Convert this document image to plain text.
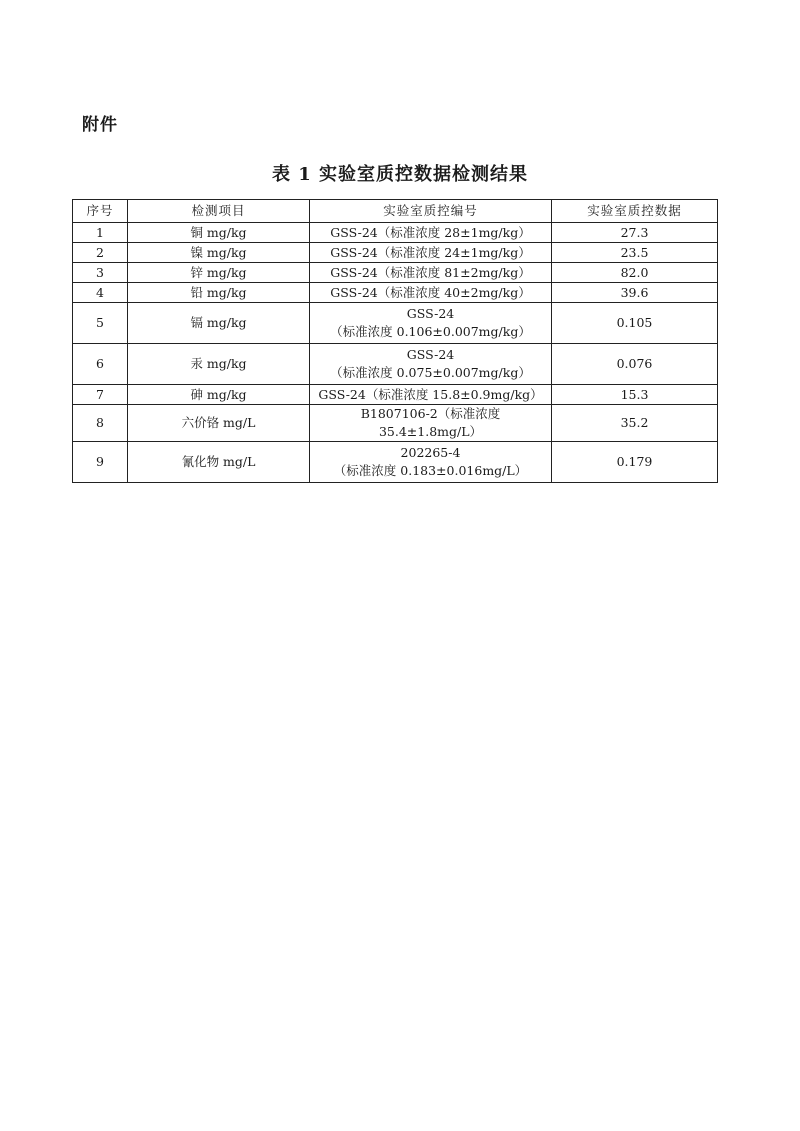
附件

表 1 实验室质控数据检测结果
序号	检测项目	实验室质控编号	实验室质控数据
1	铜 mg/kg	GSS-24（标准浓度 28±1mg/kg）	27.3
2	镍 mg/kg	GSS-24（标准浓度 24±1mg/kg）	23.5
3	锌 mg/kg	GSS-24（标准浓度 81±2mg/kg）	82.0
4	铅 mg/kg	GSS-24（标准浓度 40±2mg/kg）	39.6
5	镉 mg/kg	GSS-24
（标准浓度 0.106±0.007mg/kg）	0.105
6	汞 mg/kg	GSS-24
（标准浓度 0.075±0.007mg/kg）	0.076
7	砷 mg/kg	GSS-24（标准浓度 15.8±0.9mg/kg）	15.3
8	六价铬 mg/L	B1807106-2（标准浓度 35.4±1.8mg/L）	35.2
9	氰化物 mg/L	202265-4
（标准浓度 0.183±0.016mg/L）	0.179
